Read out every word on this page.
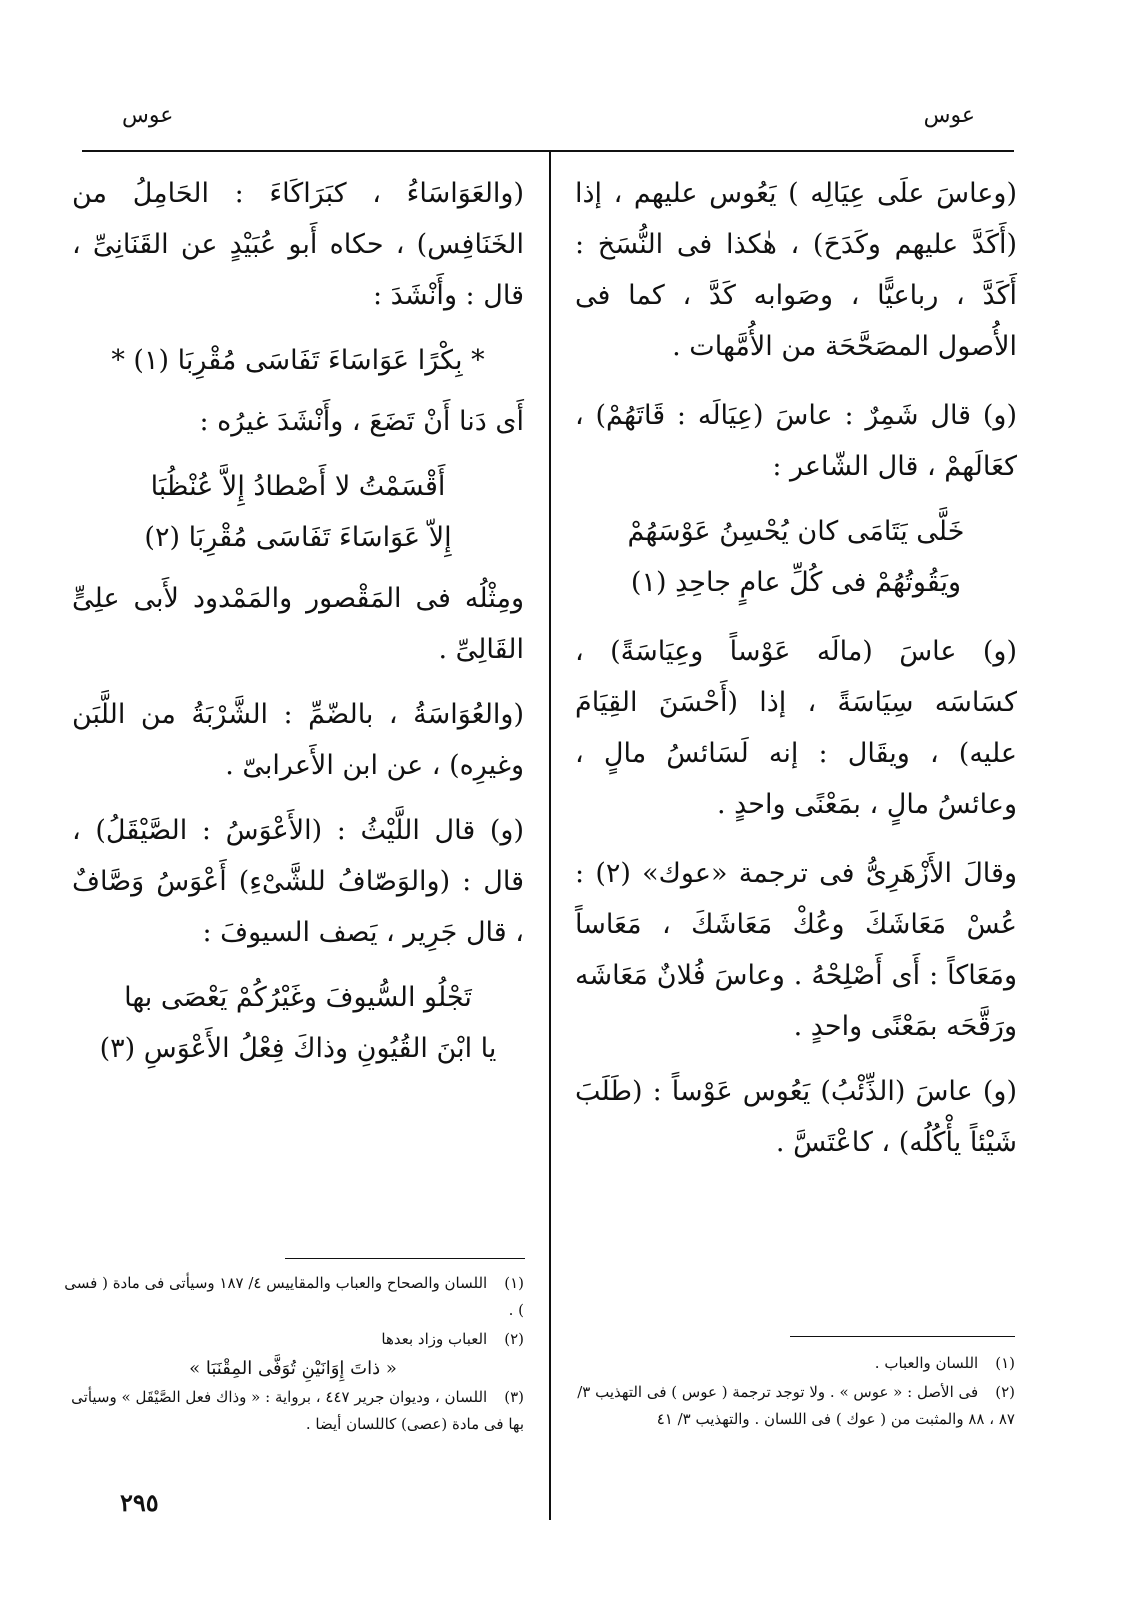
عوس
عوس

(وعاسَ علَى عِيَالِه ) يَعُوس عليهم ، إذا (أَكَدَّ عليهم وكَدَحَ) ، هٰكذا فى النُّسَخ : أَكَدَّ ، رباعيًّا ، وصَوابه كَدَّ ، كما فى الأُصول المصَحَّحَة من الأُمَّهات .

(و) قال شَمِرٌ : عاسَ (عِيَالَه : قَاتَهُمْ) ، كعَالَهمْ ، قال الشّاعر :

خَلَّى يَتَامَى كان يُحْسِنُ عَوْسَهُمْ
ويَقُوتُهُمْ فى كُلِّ عامٍ جاحِدِ (١)

(و) عاسَ (مالَه عَوْساً وعِيَاسَةً) ، كسَاسَه سِيَاسَةً ، إذا (أَحْسَنَ القِيَامَ عليه) ، ويقَال : إنه لَسَائسُ مالٍ ، وعائسُ مالٍ ، بمَعْنًى واحدٍ .

وقالَ الأَزْهَرِىُّ فى ترجمة «عوك» (٢) : عُسْ مَعَاشَكَ وعُكْ مَعَاشَكَ ، مَعَاساً ومَعَاكاً : أَى أَصْلِحْهُ . وعاسَ فُلانٌ مَعَاشَه ورَقَّحَه بمَعْنًى واحدٍ .

(و) عاسَ (الذِّئْبُ) يَعُوس عَوْساً : (طَلَبَ شَيْئاً يأْكُلُه) ، كاعْتَسَّ .

(والعَوَاسَاءُ ، كبَرَاكَاءَ : الحَامِلُ من الخَنَافِس) ، حكاه أَبو عُبَيْدٍ عن القَنَانِىِّ ، قال : وأَنْشَدَ :

* بِكْرًا عَوَاسَاءَ تَفَاسَى مُقْرِبَا (١) *

أَى دَنا أَنْ تَضَعَ ، وأَنْشَدَ غيرُه :

أَقْسَمْتُ لا أَصْطادُ إِلاَّ عُنْظُبَا
إِلاّ عَوَاسَاءَ تَفَاسَى مُقْرِبَا (٢)

ومِثْلُه فى المَقْصور والمَمْدود لأَبى علِىٍّ القَالِىِّ .

(والعُوَاسَةُ ، بالضّمِّ : الشَّرْبَةُ من اللَّبَن وغيرِه) ، عن ابن الأَعرابىّ .

(و) قال اللَّيْثُ : (الأَعْوَسُ : الصَّيْقَلُ) ، قال : (والوَصّافُ للشَّىْءِ) أَعْوَسُ وَصَّافٌ ، قال جَرِير ، يَصف السيوفَ :

تَجْلُو السُّيوفَ وغَيْرُكُمْ يَعْصَى بها
يا ابْنَ القُيُونِ وذاكَ فِعْلُ الأَعْوَسِ (٣)
(١) اللسان والعباب .
(٢) فى الأصل : « عوس » . ولا توجد ترجمة ( عوس ) فى التهذيب ٣/ ٨٧ ، ٨٨ والمثبت من ( عوك ) فى اللسان . والتهذيب ٣/ ٤١
(١) اللسان والصحاح والعباب والمقاييس ٤/ ١٨٧ وسيأتى فى مادة ( فسى ) .
(٢) العباب وزاد بعدها
« ذاتَ إِوَانَيْنِ تُوَفَّى المِقْنَبَا »
(٣) اللسان ، وديوان جرير ٤٤٧ ، برواية : « وذاك فعل الصَّيْقَل » وسيأتى بها فى مادة (عصى) كاللسان أيضا .
٢٩٥
